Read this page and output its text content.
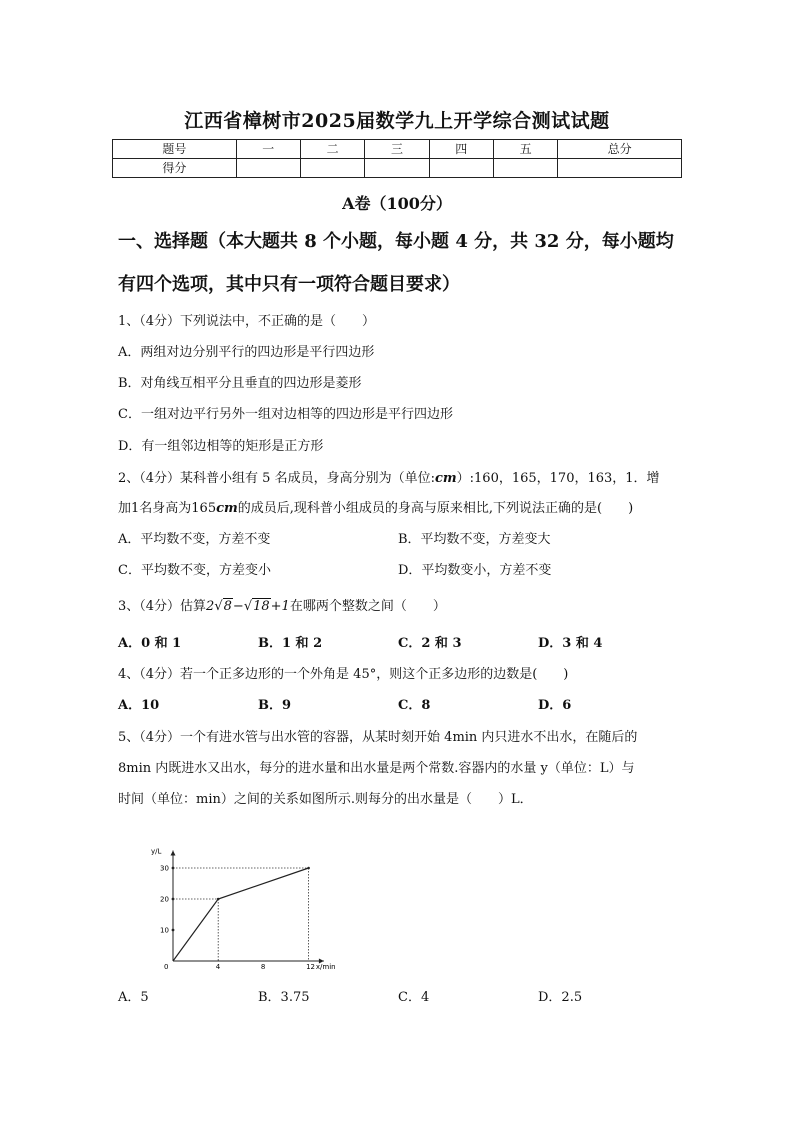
江西省樟树市2025届数学九上开学综合测试试题
题号	一	二	三	四	五	总分
得分						
A卷（100分）
一、选择题（本大题共 8 个小题，每小题 4 分，共 32 分，每小题均
有四个选项，其中只有一项符合题目要求）
1、（4分）下列说法中，不正确的是（　　）
A．两组对边分别平行的四边形是平行四边形
B．对角线互相平分且垂直的四边形是菱形
C．一组对边平行另外一组对边相等的四边形是平行四边形
D．有一组邻边相等的矩形是正方形
2、（4分）某科普小组有 5 名成员，身高分别为（单位:cm）:160，165，170，163，1．增
加1名身高为165cm的成员后,现科普小组成员的身高与原来相比,下列说法正确的是(　　)
A．平均数不变，方差不变	B．平均数不变，方差变大
C．平均数不变，方差变小	D．平均数变小，方差不变
3、（4分）估算2√8−√18+1在哪两个整数之间（　　）
A．0 和 1	B．1 和 2	C．2 和 3	D．3 和 4
4、（4分）若一个正多边形的一个外角是 45°，则这个正多边形的边数是(　　)
A．10	B．9	C．8	D．6
5、（4分）一个有进水管与出水管的容器，从某时刻开始 4min 内只进水不出水，在随后的
8min 内既进水又出水，每分的进水量和出水量是两个常数.容器内的水量 y（单位：L）与
时间（单位：min）之间的关系如图所示.则每分的出水量是（　　）L．
x/min
y/L
0	4	8	12
10
20
30
A．5	B．3.75	C．4	D．2.5
